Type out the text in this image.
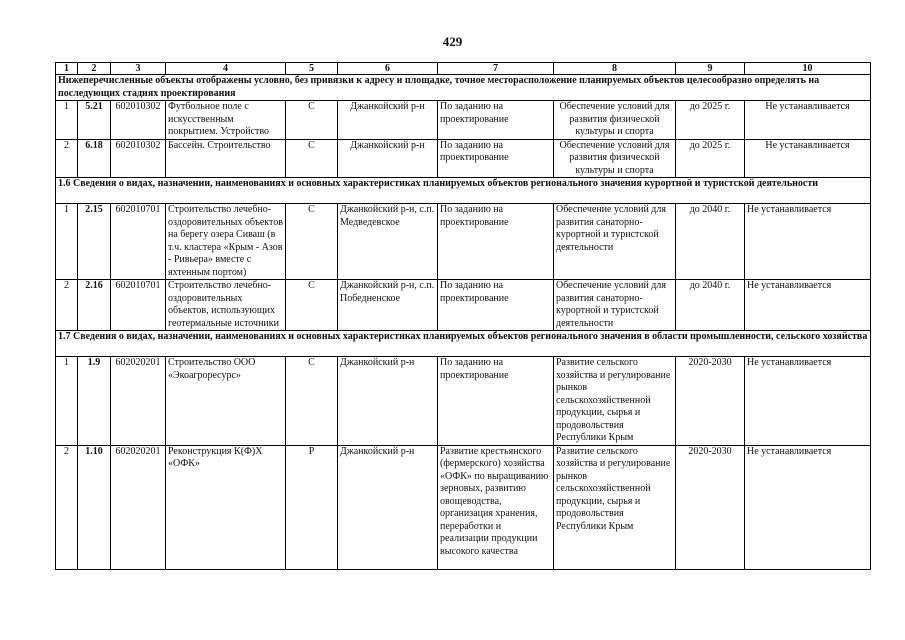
429
1	2	3	4	5	6	7	8	9	10
Нижеперечисленные объекты отображены условно, без привязки к адресу и площадке, точное месторасположение планируемых объектов целесообразно определять на последующих стадиях проектирования									
1	5.21	602010302	Футбольное поле с искусственным покрытием. Устройство	С	Джанкойский р-н	По заданию на проектирование	Обеспечение условий для развития физической культуры и спорта	до 2025 г.	Не устанавливается
2	6.18	602010302	Бассейн. Строительство	С	Джанкойский р-н	По заданию на проектирование	Обеспечение условий для развития физической культуры и спорта	до 2025 г.	Не устанавливается
1.6 Сведения о видах, назначении, наименованиях и основных характеристиках планируемых объектов регионального значения курортной и туристской деятельности									
1	2.15	602010701	Строительство лечебно-оздоровительных объектов на берегу озера Сиваш (в т.ч. кластера «Крым - Азов - Ривьера» вместе с яхтенным портом)	С	Джанкойский р-н, с.п. Медведевское	По заданию на проектирование	Обеспечение условий для развития санаторно-курортной и туристской деятельности	до 2040 г.	Не устанавливается
2	2.16	602010701	Строительство лечебно-оздоровительных объектов, использующих геотермальные источники	С	Джанкойский р-н, с.п. Победненское	По заданию на проектирование	Обеспечение условий для развития санаторно-курортной и туристской деятельности	до 2040 г.	Не устанавливается
1.7 Сведения о видах, назначении, наименованиях и основных характеристиках планируемых объектов регионального значения в области промышленности, сельского хозяйства									
1	1.9	602020201	Строительство ООО «Экоагроресурс»	С	Джанкойский р-н	По заданию на проектирование	Развитие сельского хозяйства и регулирование рынков сельскохозяйственной продукции, сырья и продовольствия Республики Крым	2020-2030	Не устанавливается
2	1.10	602020201	Реконструкция К(Ф)Х «ОФК»	Р	Джанкойский р-н	Развитие крестьянского (фермерского) хозяйства «ОФК» по выращиванию зерновых, развитию овощеводства, организация хранения, переработки и реализации продукции высокого качества	Развитие сельского хозяйства и регулирование рынков сельскохозяйственной продукции, сырья и продовольствия Республики Крым	2020-2030	Не устанавливается
